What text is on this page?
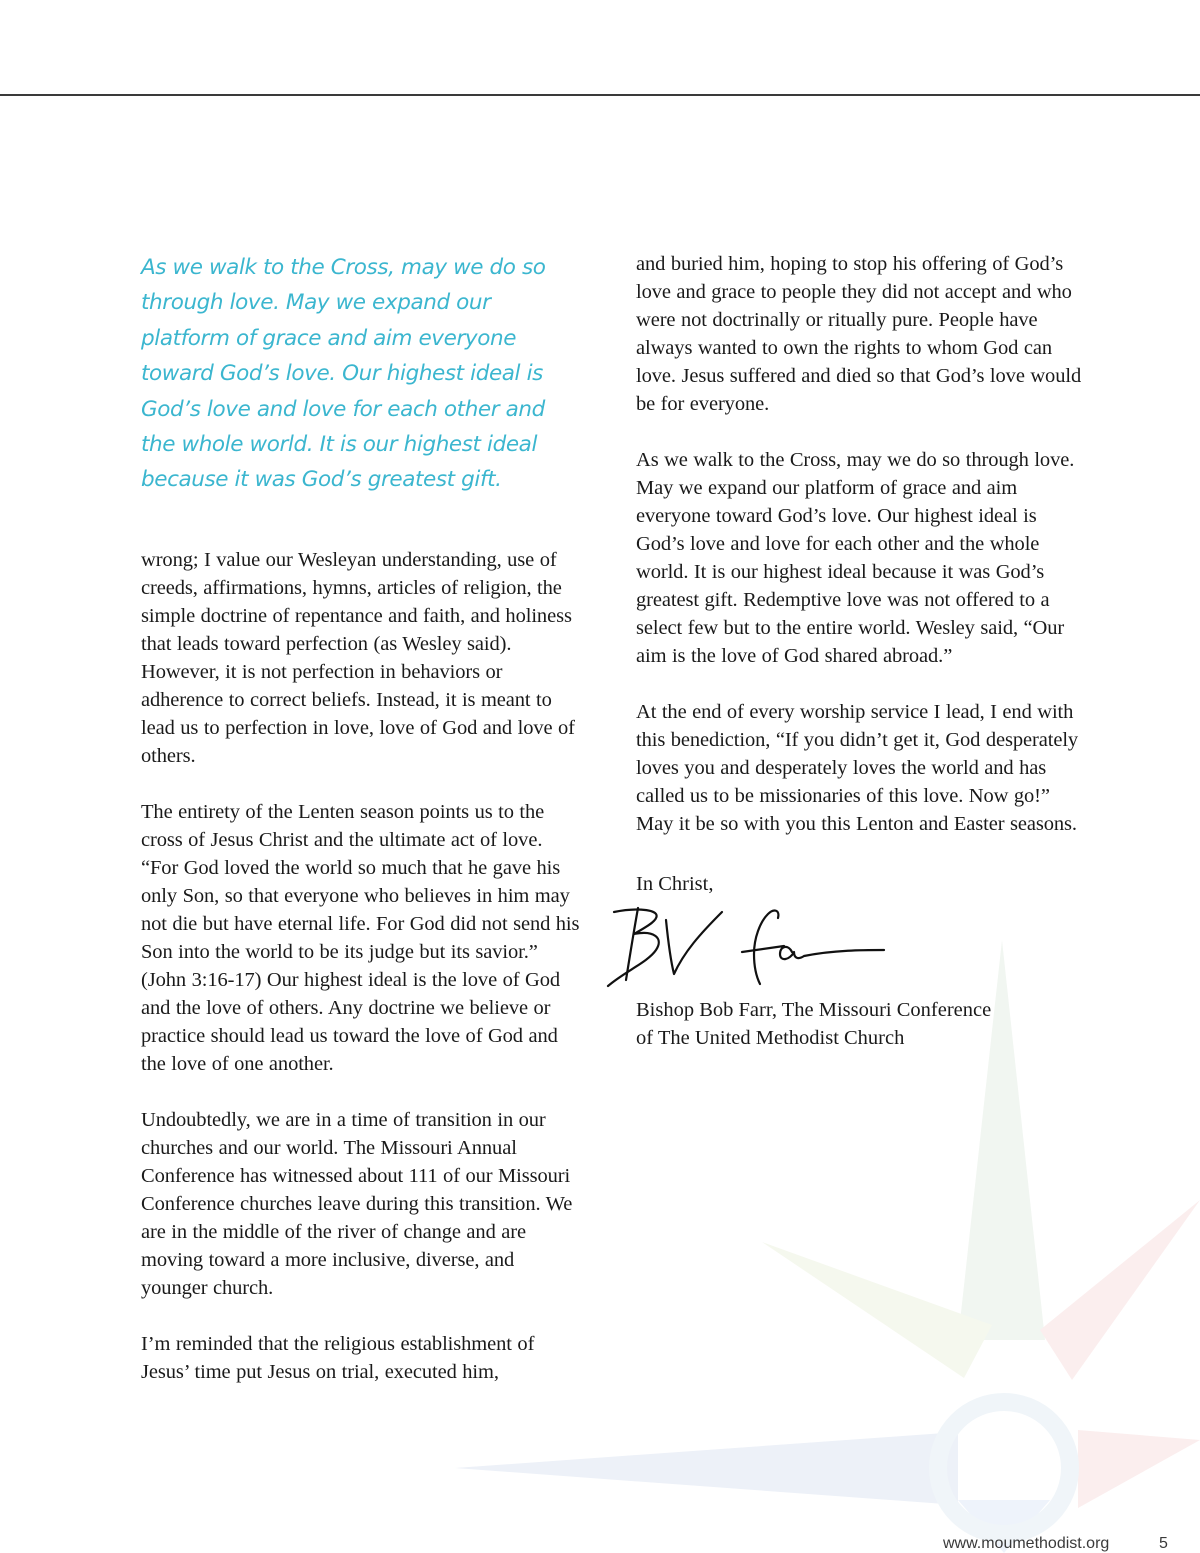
As we walk to the Cross, may we do so through love. May we expand our platform of grace and aim everyone toward God’s love. Our highest ideal is God’s love and love for each other and the whole world. It is our highest ideal because it was God’s greatest gift.

wrong; I value our Wesleyan understanding, use of creeds, affirmations, hymns, articles of religion, the simple doctrine of repentance and faith, and holiness that leads toward perfection (as Wesley said). However, it is not perfection in behaviors or adherence to correct beliefs. Instead, it is meant to lead us to perfection in love, love of God and love of others.

The entirety of the Lenten season points us to the cross of Jesus Christ and the ultimate act of love. “For God loved the world so much that he gave his only Son, so that everyone who believes in him may not die but have eternal life. For God did not send his Son into the world to be its judge but its savior.” (John 3:16-17) Our highest ideal is the love of God and the love of others. Any doctrine we believe or practice should lead us toward the love of God and the love of one another.

Undoubtedly, we are in a time of transition in our churches and our world. The Missouri Annual Conference has witnessed about 111 of our Missouri Conference churches leave during this transition. We are in the middle of the river of change and are moving toward a more inclusive, diverse, and younger church.

I’m reminded that the religious establishment of Jesus’ time put Jesus on trial, executed him,

and buried him, hoping to stop his offering of God’s love and grace to people they did not accept and who were not doctrinally or ritually pure. People have always wanted to own the rights to whom God can love. Jesus suffered and died so that God’s love would be for everyone.

As we walk to the Cross, may we do so through love. May we expand our platform of grace and aim everyone toward God’s love. Our highest ideal is God’s love and love for each other and the whole world. It is our highest ideal because it was God’s greatest gift. Redemptive love was not offered to a select few but to the entire world. Wesley said, “Our aim is the love of God shared abroad.”

At the end of every worship service I lead, I end with this benediction, “If you didn’t get it, God desperately loves you and desperately loves the world and has called us to be missionaries of this love. Now go!” May it be so with you this Lenton and Easter seasons.

In Christ,

Bishop Bob Farr, The Missouri Conference

of The United Methodist Church

www.moumethodist.org	5
